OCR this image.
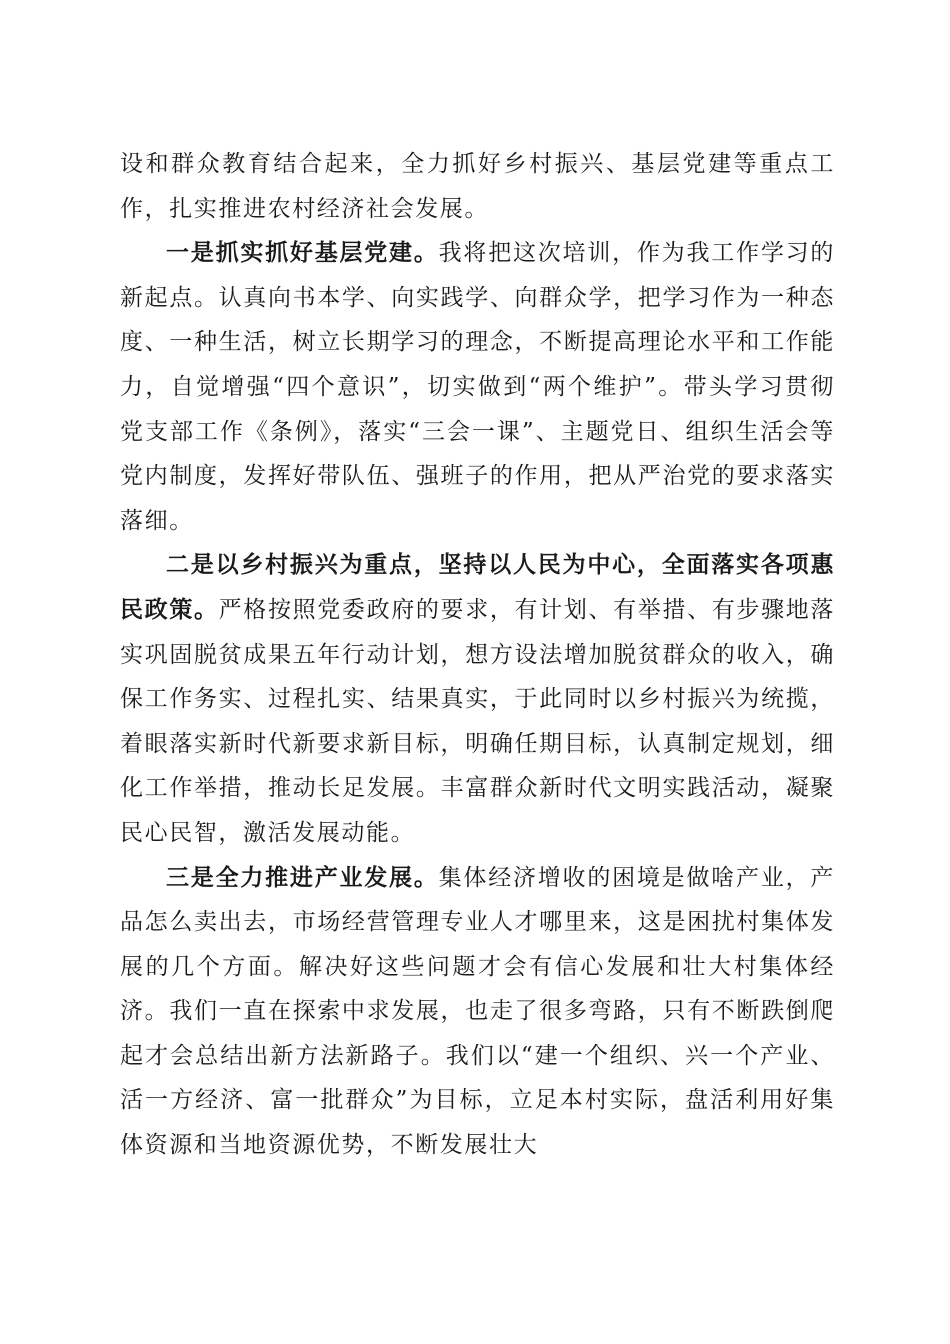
设和群众教育结合起来，全力抓好乡村振兴、基层党建等重点工作，扎实推进农村经济社会发展。

一是抓实抓好基层党建。我将把这次培训，作为我工作学习的新起点。认真向书本学、向实践学、向群众学，把学习作为一种态度、一种生活，树立长期学习的理念，不断提高理论水平和工作能力，自觉增强“四个意识”，切实做到“两个维护”。带头学习贯彻党支部工作《条例》，落实“三会一课”、主题党日、组织生活会等党内制度，发挥好带队伍、强班子的作用，把从严治党的要求落实落细。

二是以乡村振兴为重点，坚持以人民为中心，全面落实各项惠民政策。严格按照党委政府的要求，有计划、有举措、有步骤地落实巩固脱贫成果五年行动计划，想方设法增加脱贫群众的收入，确保工作务实、过程扎实、结果真实，于此同时以乡村振兴为统揽，着眼落实新时代新要求新目标，明确任期目标，认真制定规划，细化工作举措，推动长足发展。丰富群众新时代文明实践活动，凝聚民心民智，激活发展动能。

三是全力推进产业发展。集体经济增收的困境是做啥产业，产品怎么卖出去，市场经营管理专业人才哪里来，这是困扰村集体发展的几个方面。解决好这些问题才会有信心发展和壮大村集体经济。我们一直在探索中求发展，也走了很多弯路，只有不断跌倒爬起才会总结出新方法新路子。我们以“建一个组织、兴一个产业、活一方经济、富一批群众”为目标，立足本村实际，盘活利用好集体资源和当地资源优势，不断发展壮大
